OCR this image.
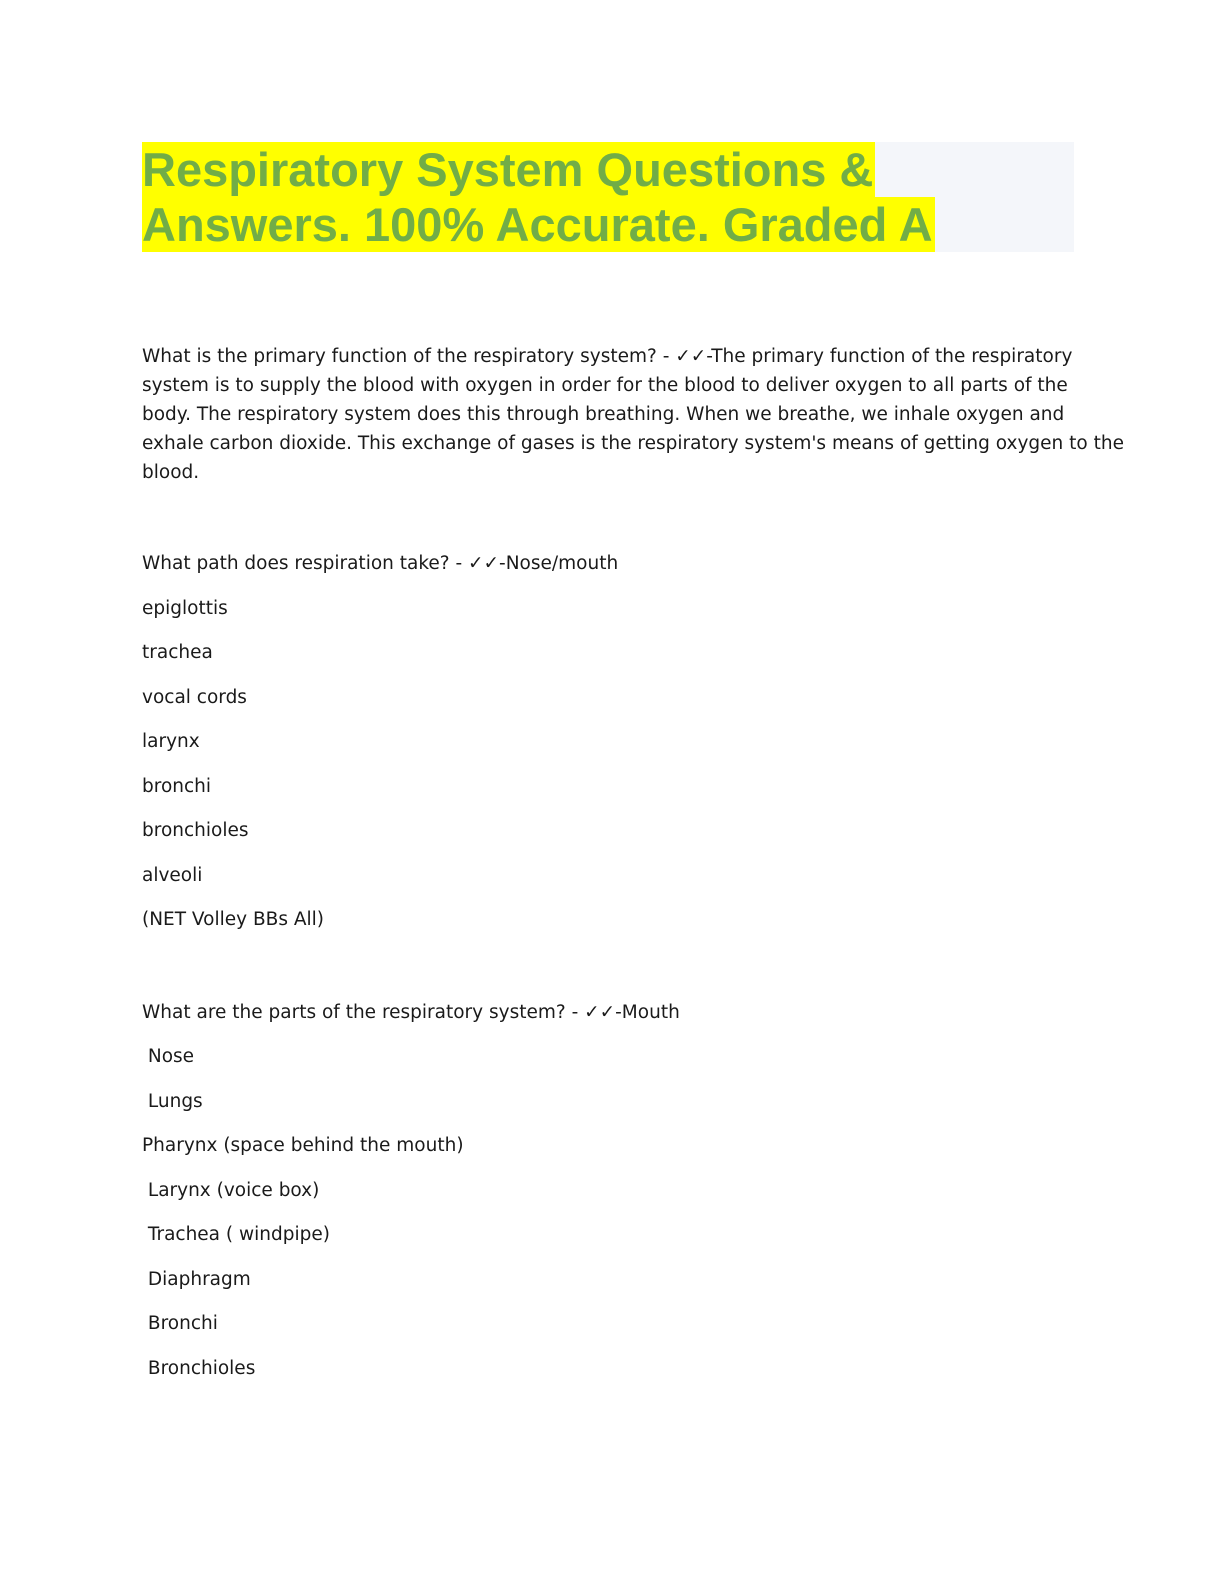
Respiratory System Questions &
Answers. 100% Accurate. Graded A
What is the primary function of the respiratory system? - ✓✓-The primary function of the respiratory
system is to supply the blood with oxygen in order for the blood to deliver oxygen to all parts of the
body. The respiratory system does this through breathing. When we breathe, we inhale oxygen and
exhale carbon dioxide. This exchange of gases is the respiratory system's means of getting oxygen to the
blood.
What path does respiration take? - ✓✓-Nose/mouth
epiglottis
trachea
vocal cords
larynx
bronchi
bronchioles
alveoli
(NET Volley BBs All)
What are the parts of the respiratory system? - ✓✓-Mouth
Nose
Lungs
Pharynx (space behind the mouth)
Larynx (voice box)
Trachea ( windpipe)
Diaphragm
Bronchi
Bronchioles
